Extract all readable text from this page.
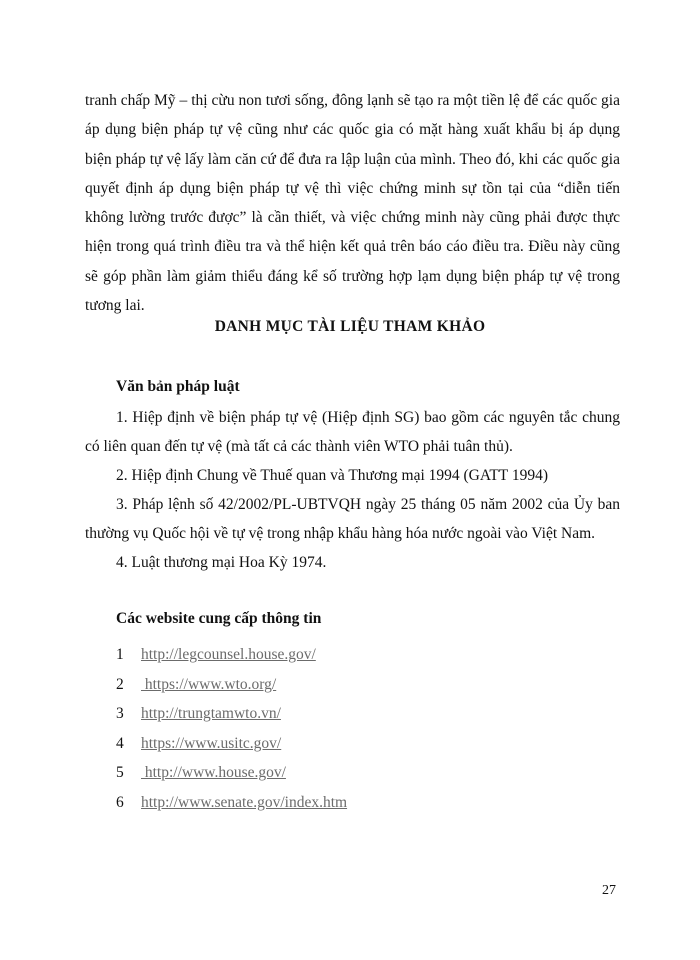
tranh chấp Mỹ – thị cừu non tươi sống, đông lạnh sẽ tạo ra một tiền lệ để các quốc gia áp dụng biện pháp tự vệ cũng như các quốc gia có mặt hàng xuất khẩu bị áp dụng biện pháp tự vệ lấy làm căn cứ để đưa ra lập luận của mình. Theo đó, khi các quốc gia quyết định áp dụng biện pháp tự vệ thì việc chứng minh sự tồn tại của “diễn tiến không lường trước được” là cần thiết, và việc chứng minh này cũng phải được thực hiện trong quá trình điều tra và thể hiện kết quả trên báo cáo điều tra. Điều này cũng sẽ góp phần làm giảm thiểu đáng kể số trường hợp lạm dụng biện pháp tự vệ trong tương lai.

DANH MỤC TÀI LIỆU THAM KHẢO

Văn bản pháp luật

1. Hiệp định về biện pháp tự vệ (Hiệp định SG) bao gồm các nguyên tắc chung có liên quan đến tự vệ (mà tất cả các thành viên WTO phải tuân thủ).
2. Hiệp định Chung về Thuế quan và Thương mại 1994 (GATT 1994)
3. Pháp lệnh số 42/2002/PL-UBTVQH ngày 25 tháng 05 năm 2002 của Ủy ban thường vụ Quốc hội về tự vệ trong nhập khẩu hàng hóa nước ngoài vào Việt Nam.
4. Luật thương mại Hoa Kỳ 1974.

Các website cung cấp thông tin

1	http://legcounsel.house.gov/
2	https://www.wto.org/
3	http://trungtamwto.vn/
4	https://www.usitc.gov/
5	http://www.house.gov/
6	http://www.senate.gov/index.htm
27
